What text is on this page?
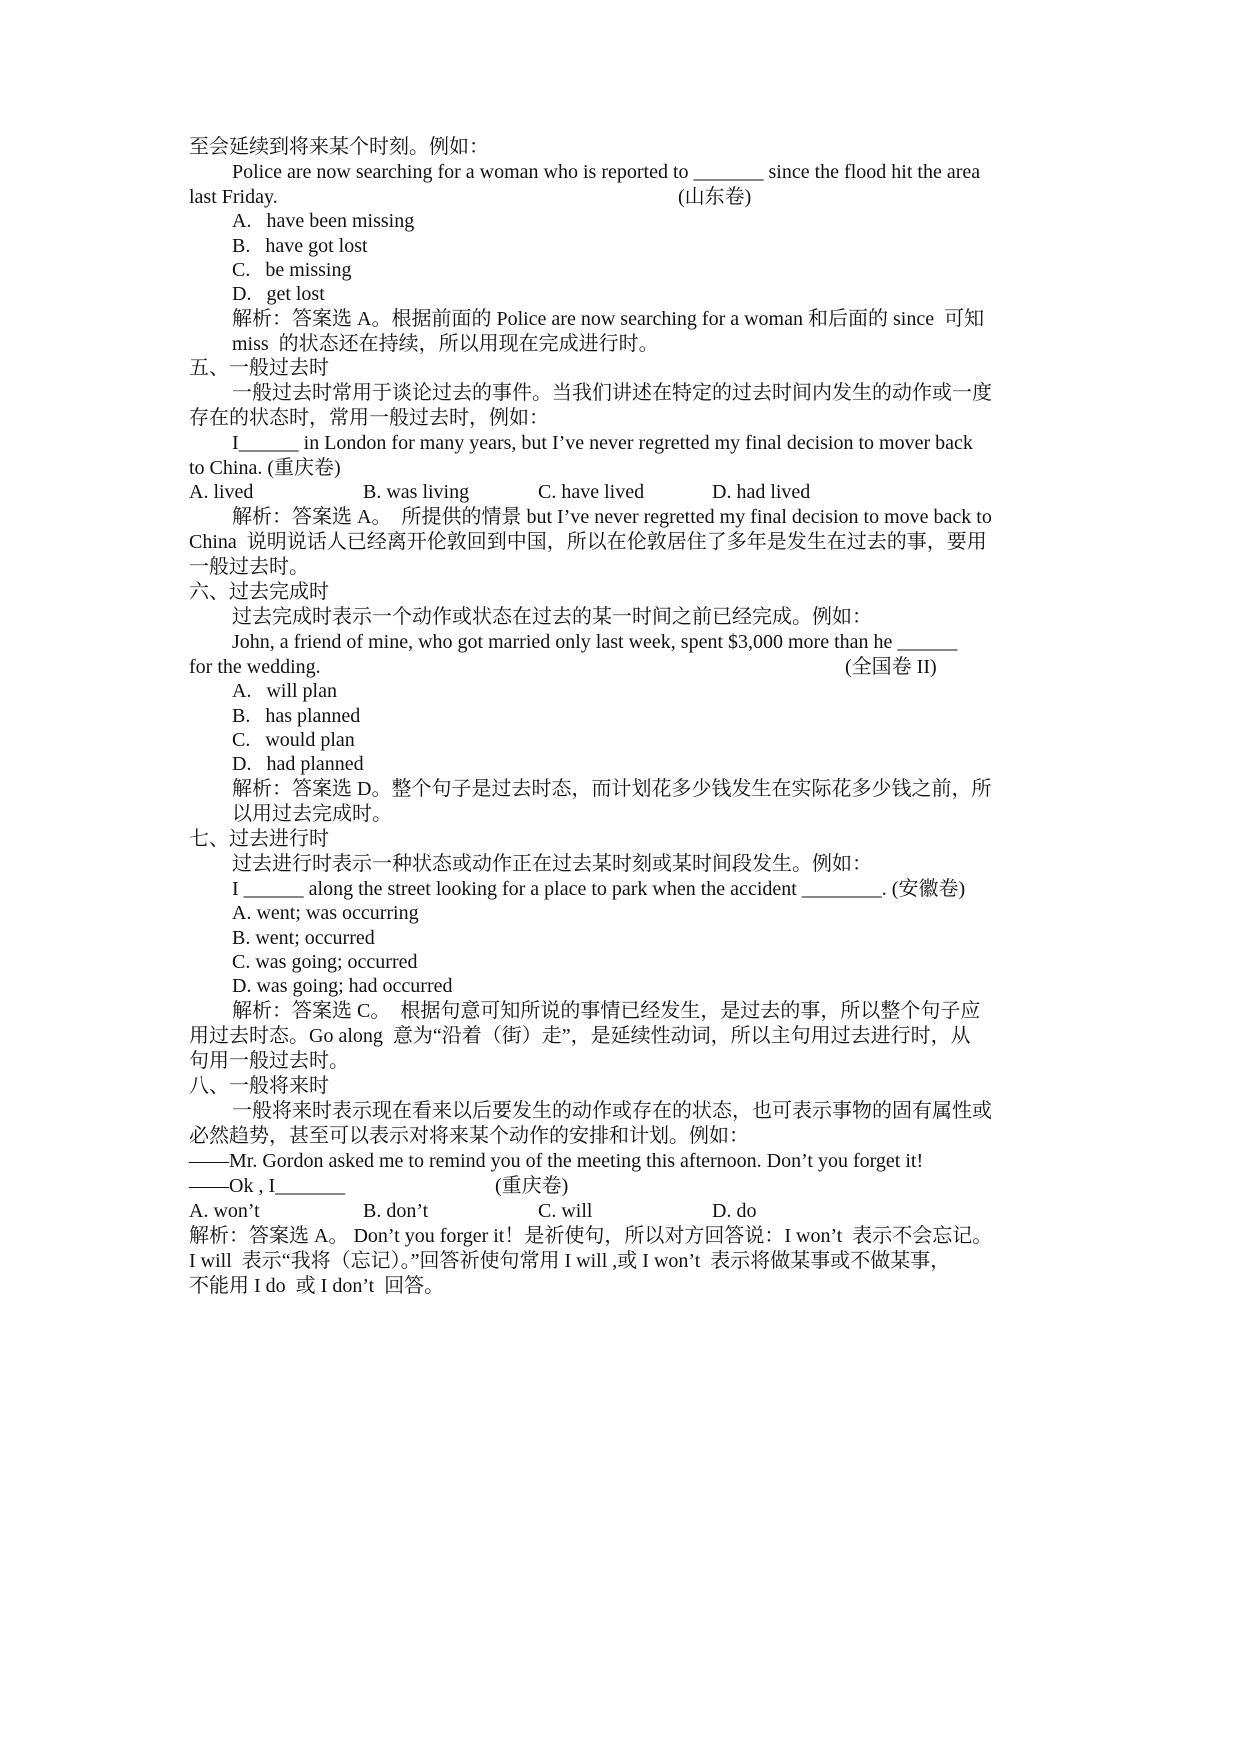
至会延续到将来某个时刻。例如：
Police are now searching for a woman who is reported to _______ since the flood hit the area
last Friday.	(山东卷)
A.   have been missing
B.   have got lost
C.   be missing
D.   get lost
解析：答案选 A。根据前面的 Police are now searching for a woman 和后面的 since  可知
miss  的状态还在持续，所以用现在完成进行时。
五、一般过去时
一般过去时常用于谈论过去的事件。当我们讲述在特定的过去时间内发生的动作或一度
存在的状态时，常用一般过去时，例如：
I______ in London for many years, but I’ve never regretted my final decision to mover back
to China. (重庆卷)
A. lived	B. was living	C. have lived	D. had lived
解析：答案选 A。  所提供的情景 but I’ve never regretted my final decision to move back to
China  说明说话人已经离开伦敦回到中国，所以在伦敦居住了多年是发生在过去的事，要用
一般过去时。
六、过去完成时
过去完成时表示一个动作或状态在过去的某一时间之前已经完成。例如：
John, a friend of mine, who got married only last week, spent $3,000 more than he ______
for the wedding.	(全国卷 II)
A.   will plan
B.   has planned
C.   would plan
D.   had planned
解析：答案选 D。整个句子是过去时态，而计划花多少钱发生在实际花多少钱之前，所
以用过去完成时。
七、过去进行时
过去进行时表示一种状态或动作正在过去某时刻或某时间段发生。例如：
I ______ along the street looking for a place to park when the accident ________. (安徽卷)
A. went; was occurring
B. went; occurred
C. was going; occurred
D. was going; had occurred
解析：答案选 C。  根据句意可知所说的事情已经发生，是过去的事，所以整个句子应
用过去时态。Go along  意为“沿着（街）走”，是延续性动词，所以主句用过去进行时，从
句用一般过去时。
八、一般将来时
一般将来时表示现在看来以后要发生的动作或存在的状态，也可表示事物的固有属性或
必然趋势，甚至可以表示对将来某个动作的安排和计划。例如：
——Mr. Gordon asked me to remind you of the meeting this afternoon. Don’t you forget it!
——Ok , I_______	(重庆卷)
A. won’t	B. don’t	C. will	D. do
解析：答案选 A。 Don’t you forger it！是祈使句，所以对方回答说：I won’t  表示不会忘记。
I will  表示“我将（忘记）。”回答祈使句常用 I will ,或 I won’t  表示将做某事或不做某事，
不能用 I do  或 I don’t  回答。
